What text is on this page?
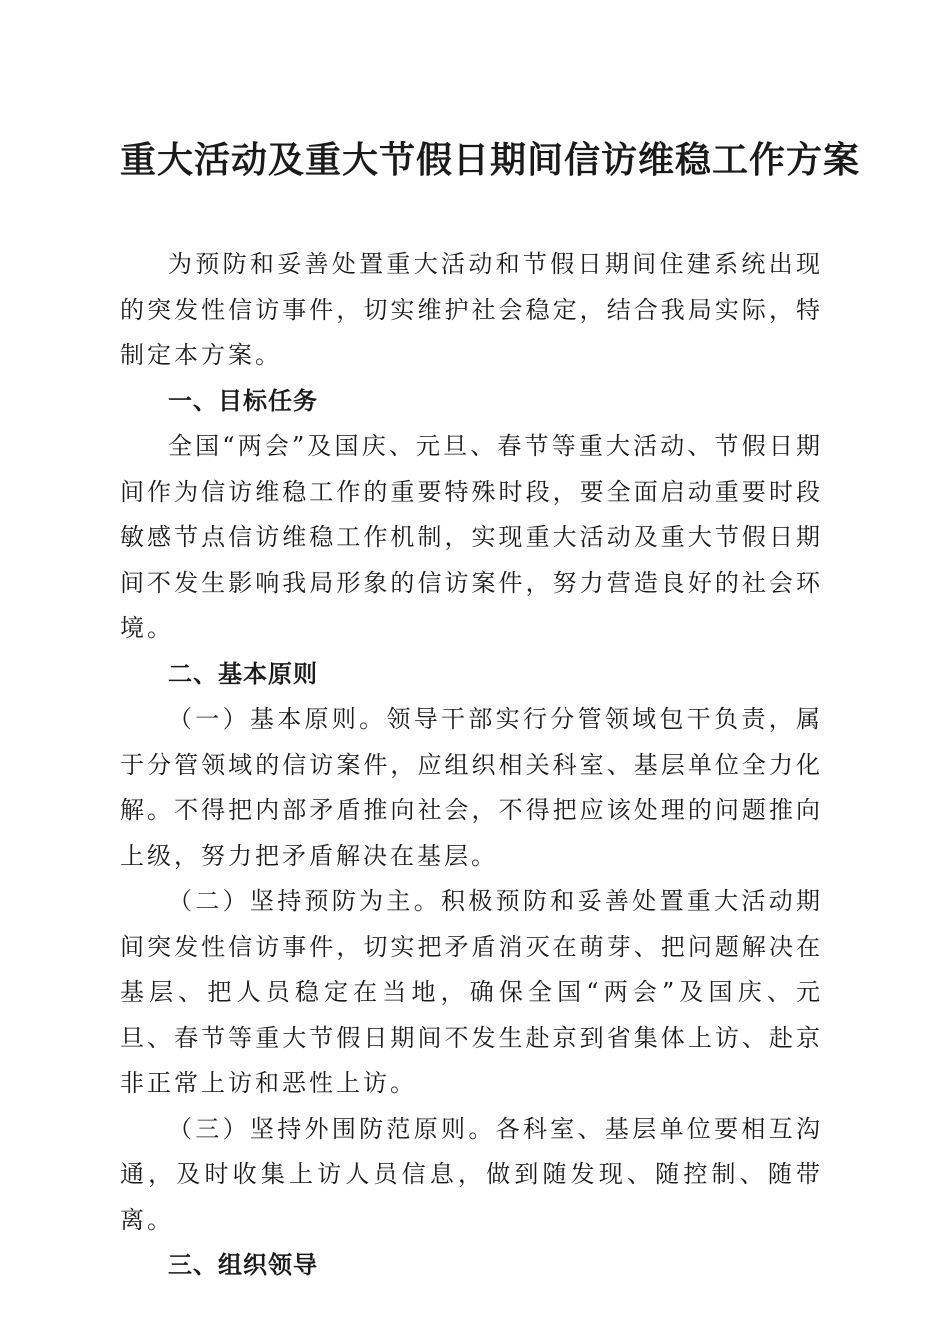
重大活动及重大节假日期间信访维稳工作方案

为预防和妥善处置重大活动和节假日期间住建系统出现的突发性信访事件，切实维护社会稳定，结合我局实际，特制定本方案。

一、目标任务

全国“两会”及国庆、元旦、春节等重大活动、节假日期间作为信访维稳工作的重要特殊时段，要全面启动重要时段敏感节点信访维稳工作机制，实现重大活动及重大节假日期间不发生影响我局形象的信访案件，努力营造良好的社会环境。

二、基本原则

（一）基本原则。领导干部实行分管领域包干负责，属于分管领域的信访案件，应组织相关科室、基层单位全力化解。不得把内部矛盾推向社会，不得把应该处理的问题推向上级，努力把矛盾解决在基层。

（二）坚持预防为主。积极预防和妥善处置重大活动期间突发性信访事件，切实把矛盾消灭在萌芽、把问题解决在基层、把人员稳定在当地，确保全国“两会”及国庆、元旦、春节等重大节假日期间不发生赴京到省集体上访、赴京非正常上访和恶性上访。

（三）坚持外围防范原则。各科室、基层单位要相互沟通，及时收集上访人员信息，做到随发现、随控制、随带离。

三、组织领导
